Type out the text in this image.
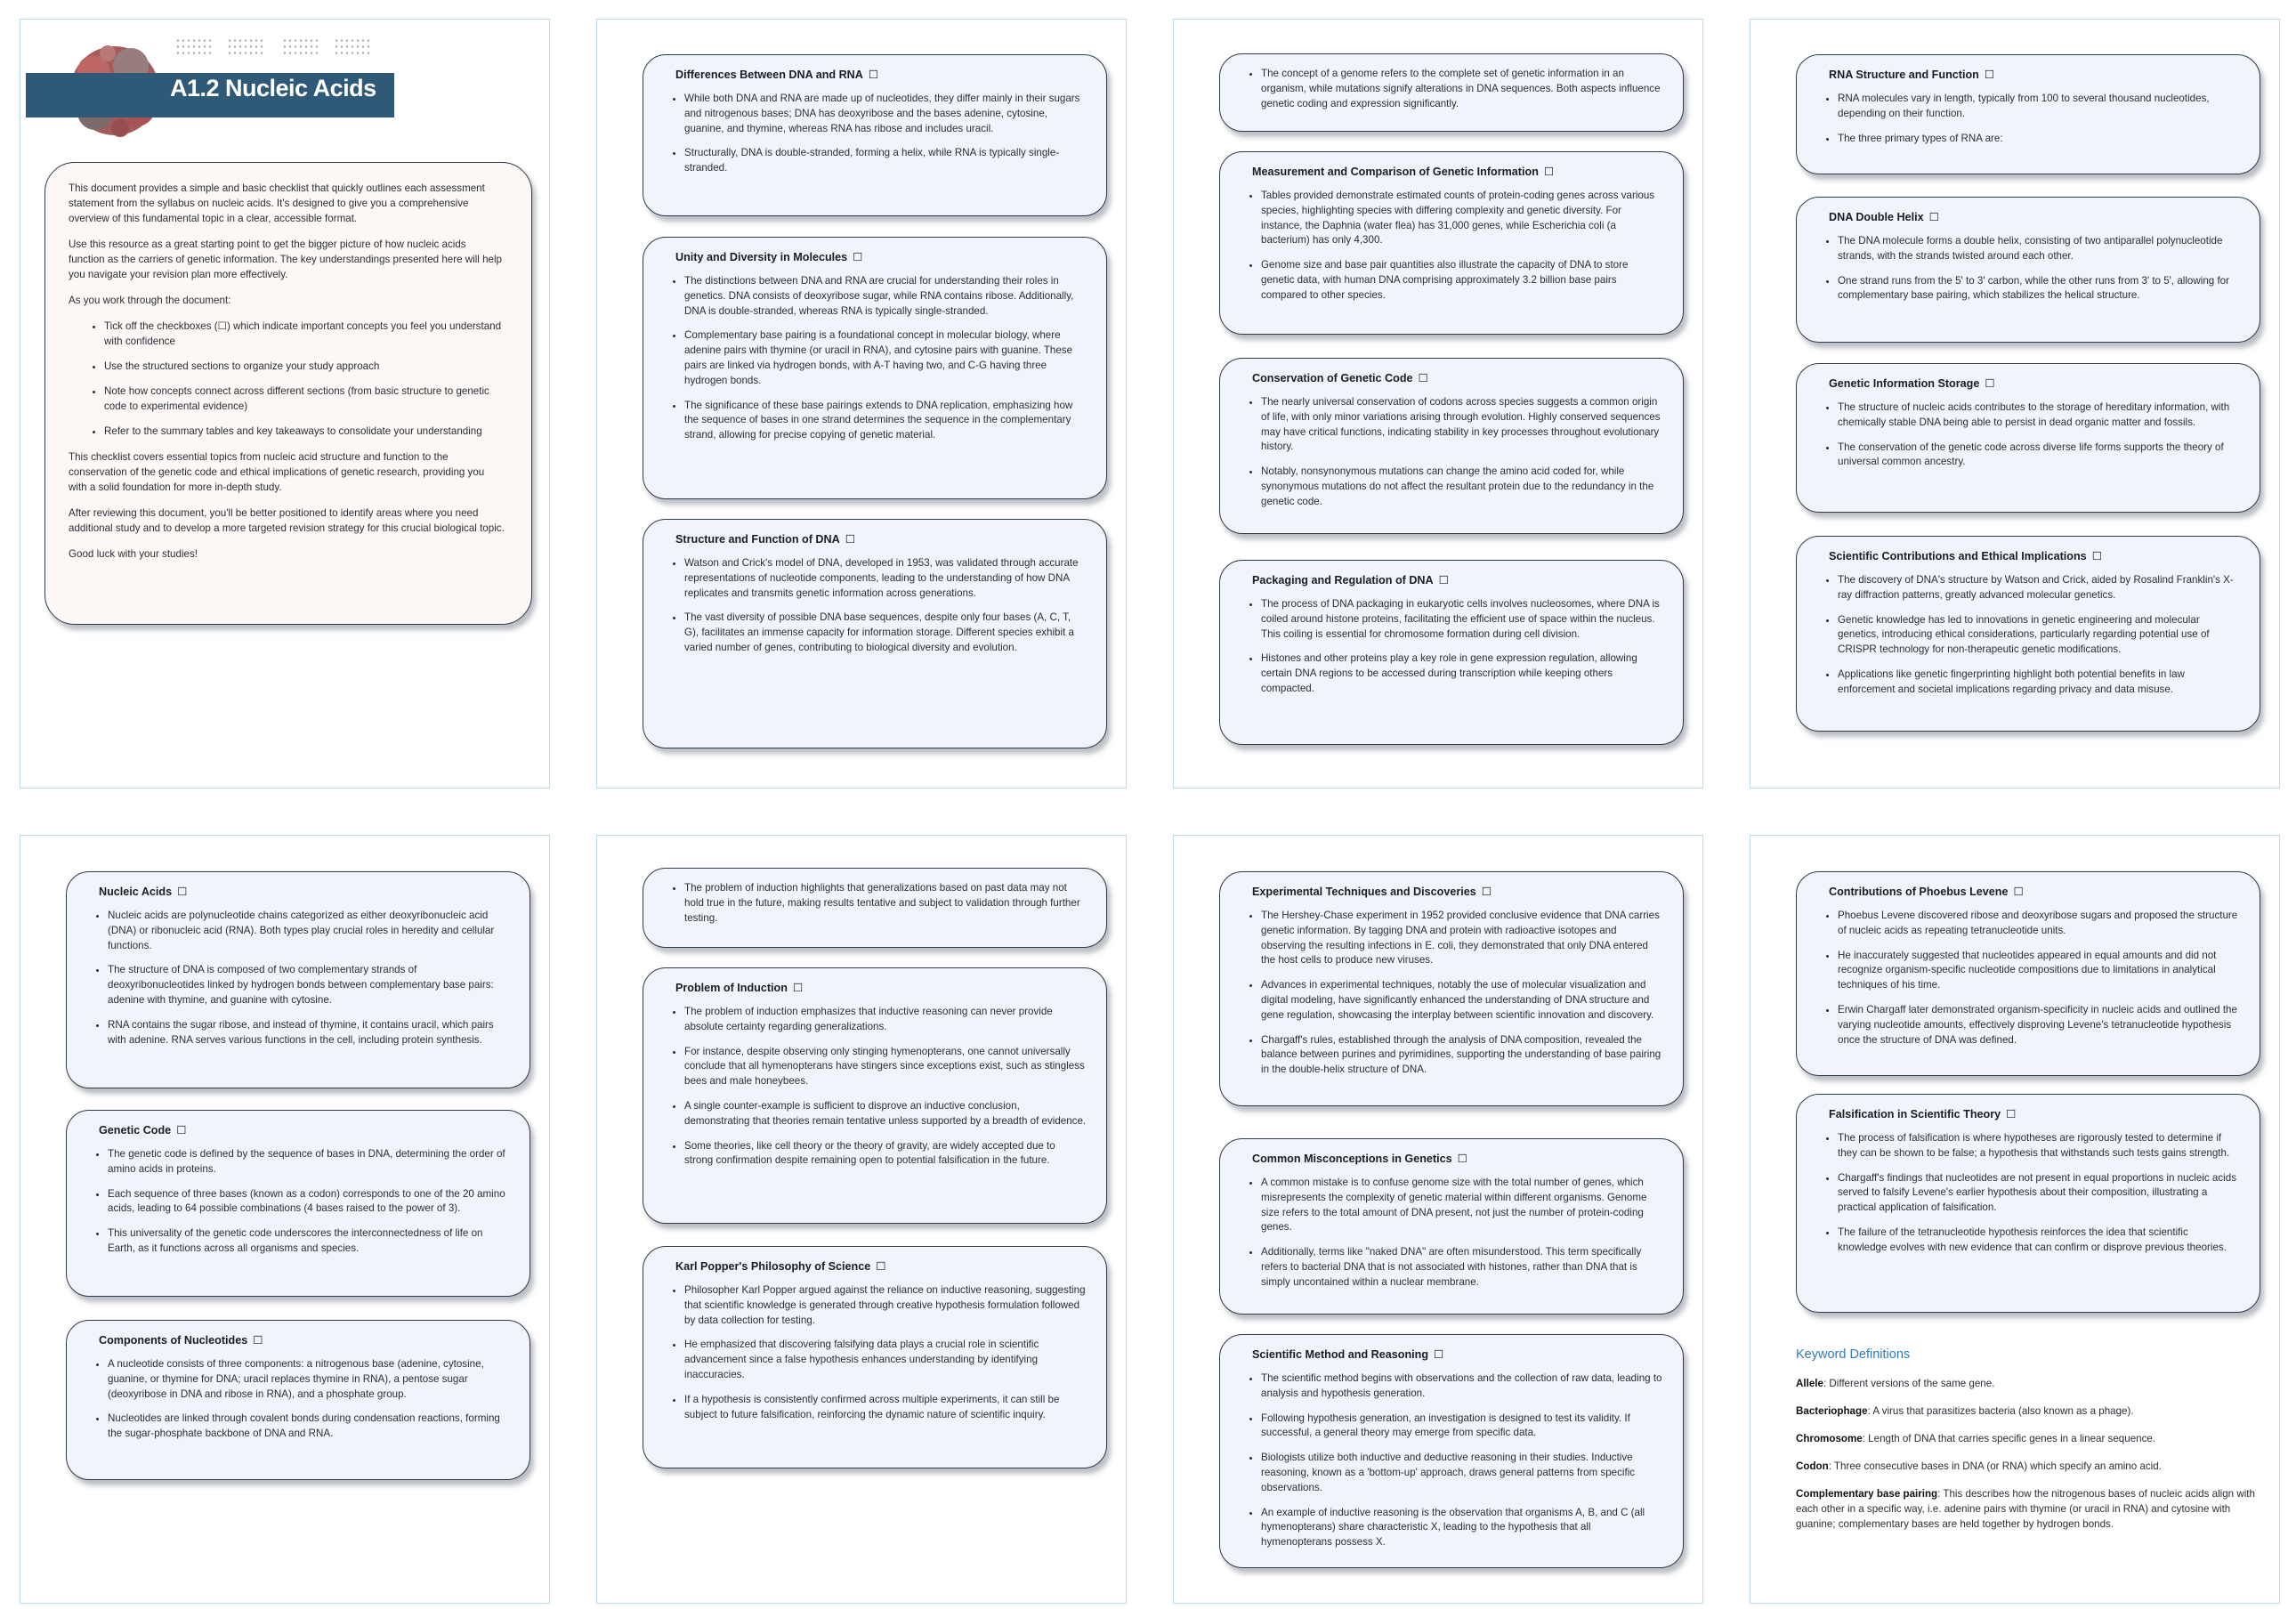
A1.2 Nucleic Acids

This document provides a simple and basic checklist that quickly outlines each assessment statement from the syllabus on nucleic acids. It's designed to give you a comprehensive overview of this fundamental topic in a clear, accessible format.

Use this resource as a great starting point to get the bigger picture of how nucleic acids function as the carriers of genetic information. The key understandings presented here will help you navigate your revision plan more effectively.

As you work through the document:

• Tick off the checkboxes (☐) which indicate important concepts you feel you understand with confidence
• Use the structured sections to organize your study approach
• Note how concepts connect across different sections (from basic structure to genetic code to experimental evidence)
• Refer to the summary tables and key takeaways to consolidate your understanding

This checklist covers essential topics from nucleic acid structure and function to the conservation of the genetic code and ethical implications of genetic research, providing you with a solid foundation for more in-depth study.

After reviewing this document, you'll be better positioned to identify areas where you need additional study and to develop a more targeted revision strategy for this crucial biological topic.

Good luck with your studies!

Differences Between DNA and RNA ☐
• While both DNA and RNA are made up of nucleotides, they differ mainly in their sugars and nitrogenous bases; DNA has deoxyribose and the bases adenine, cytosine, guanine, and thymine, whereas RNA has ribose and includes uracil.
• Structurally, DNA is double-stranded, forming a helix, while RNA is typically single-stranded.
Unity and Diversity in Molecules ☐
• The distinctions between DNA and RNA are crucial for understanding their roles in genetics. DNA consists of deoxyribose sugar, while RNA contains ribose. Additionally, DNA is double-stranded, whereas RNA is typically single-stranded.
• Complementary base pairing is a foundational concept in molecular biology, where adenine pairs with thymine (or uracil in RNA), and cytosine pairs with guanine. These pairs are linked via hydrogen bonds, with A-T having two, and C-G having three hydrogen bonds.
• The significance of these base pairings extends to DNA replication, emphasizing how the sequence of bases in one strand determines the sequence in the complementary strand, allowing for precise copying of genetic material.
Structure and Function of DNA ☐
• Watson and Crick's model of DNA, developed in 1953, was validated through accurate representations of nucleotide components, leading to the understanding of how DNA replicates and transmits genetic information across generations.
• The vast diversity of possible DNA base sequences, despite only four bases (A, C, T, G), facilitates an immense capacity for information storage. Different species exhibit a varied number of genes, contributing to biological diversity and evolution.
• The concept of a genome refers to the complete set of genetic information in an organism, while mutations signify alterations in DNA sequences. Both aspects influence genetic coding and expression significantly.
Measurement and Comparison of Genetic Information ☐
• Tables provided demonstrate estimated counts of protein-coding genes across various species, highlighting species with differing complexity and genetic diversity. For instance, the Daphnia (water flea) has 31,000 genes, while Escherichia coli (a bacterium) has only 4,300.
• Genome size and base pair quantities also illustrate the capacity of DNA to store genetic data, with human DNA comprising approximately 3.2 billion base pairs compared to other species.
Conservation of Genetic Code ☐
• The nearly universal conservation of codons across species suggests a common origin of life, with only minor variations arising through evolution. Highly conserved sequences may have critical functions, indicating stability in key processes throughout evolutionary history.
• Notably, nonsynonymous mutations can change the amino acid coded for, while synonymous mutations do not affect the resultant protein due to the redundancy in the genetic code.
Packaging and Regulation of DNA ☐
• The process of DNA packaging in eukaryotic cells involves nucleosomes, where DNA is coiled around histone proteins, facilitating the efficient use of space within the nucleus. This coiling is essential for chromosome formation during cell division.
• Histones and other proteins play a key role in gene expression regulation, allowing certain DNA regions to be accessed during transcription while keeping others compacted.
RNA Structure and Function ☐
• RNA molecules vary in length, typically from 100 to several thousand nucleotides, depending on their function.
• The three primary types of RNA are:
DNA Double Helix ☐
• The DNA molecule forms a double helix, consisting of two antiparallel polynucleotide strands, with the strands twisted around each other.
• One strand runs from the 5' to 3' carbon, while the other runs from 3' to 5', allowing for complementary base pairing, which stabilizes the helical structure.
Genetic Information Storage ☐
• The structure of nucleic acids contributes to the storage of hereditary information, with chemically stable DNA being able to persist in dead organic matter and fossils.
• The conservation of the genetic code across diverse life forms supports the theory of universal common ancestry.
Scientific Contributions and Ethical Implications ☐
• The discovery of DNA's structure by Watson and Crick, aided by Rosalind Franklin's X-ray diffraction patterns, greatly advanced molecular genetics.
• Genetic knowledge has led to innovations in genetic engineering and molecular genetics, introducing ethical considerations, particularly regarding potential use of CRISPR technology for non-therapeutic genetic modifications.
• Applications like genetic fingerprinting highlight both potential benefits in law enforcement and societal implications regarding privacy and data misuse.
Nucleic Acids ☐
• Nucleic acids are polynucleotide chains categorized as either deoxyribonucleic acid (DNA) or ribonucleic acid (RNA). Both types play crucial roles in heredity and cellular functions.
• The structure of DNA is composed of two complementary strands of deoxyribonucleotides linked by hydrogen bonds between complementary base pairs: adenine with thymine, and guanine with cytosine.
• RNA contains the sugar ribose, and instead of thymine, it contains uracil, which pairs with adenine. RNA serves various functions in the cell, including protein synthesis.
Genetic Code ☐
• The genetic code is defined by the sequence of bases in DNA, determining the order of amino acids in proteins.
• Each sequence of three bases (known as a codon) corresponds to one of the 20 amino acids, leading to 64 possible combinations (4 bases raised to the power of 3).
• This universality of the genetic code underscores the interconnectedness of life on Earth, as it functions across all organisms and species.
Components of Nucleotides ☐
• A nucleotide consists of three components: a nitrogenous base (adenine, cytosine, guanine, or thymine for DNA; uracil replaces thymine in RNA), a pentose sugar (deoxyribose in DNA and ribose in RNA), and a phosphate group.
• Nucleotides are linked through covalent bonds during condensation reactions, forming the sugar-phosphate backbone of DNA and RNA.
• The problem of induction highlights that generalizations based on past data may not hold true in the future, making results tentative and subject to validation through further testing.
Problem of Induction ☐
• The problem of induction emphasizes that inductive reasoning can never provide absolute certainty regarding generalizations.
• For instance, despite observing only stinging hymenopterans, one cannot universally conclude that all hymenopterans have stingers since exceptions exist, such as stingless bees and male honeybees.
• A single counter-example is sufficient to disprove an inductive conclusion, demonstrating that theories remain tentative unless supported by a breadth of evidence.
• Some theories, like cell theory or the theory of gravity, are widely accepted due to strong confirmation despite remaining open to potential falsification in the future.
Karl Popper's Philosophy of Science ☐
• Philosopher Karl Popper argued against the reliance on inductive reasoning, suggesting that scientific knowledge is generated through creative hypothesis formulation followed by data collection for testing.
• He emphasized that discovering falsifying data plays a crucial role in scientific advancement since a false hypothesis enhances understanding by identifying inaccuracies.
• If a hypothesis is consistently confirmed across multiple experiments, it can still be subject to future falsification, reinforcing the dynamic nature of scientific inquiry.
Experimental Techniques and Discoveries ☐
• The Hershey-Chase experiment in 1952 provided conclusive evidence that DNA carries genetic information. By tagging DNA and protein with radioactive isotopes and observing the resulting infections in E. coli, they demonstrated that only DNA entered the host cells to produce new viruses.
• Advances in experimental techniques, notably the use of molecular visualization and digital modeling, have significantly enhanced the understanding of DNA structure and gene regulation, showcasing the interplay between scientific innovation and discovery.
• Chargaff's rules, established through the analysis of DNA composition, revealed the balance between purines and pyrimidines, supporting the understanding of base pairing in the double-helix structure of DNA.
Common Misconceptions in Genetics ☐
• A common mistake is to confuse genome size with the total number of genes, which misrepresents the complexity of genetic material within different organisms. Genome size refers to the total amount of DNA present, not just the number of protein-coding genes.
• Additionally, terms like "naked DNA" are often misunderstood. This term specifically refers to bacterial DNA that is not associated with histones, rather than DNA that is simply uncontained within a nuclear membrane.
Scientific Method and Reasoning ☐
• The scientific method begins with observations and the collection of raw data, leading to analysis and hypothesis generation.
• Following hypothesis generation, an investigation is designed to test its validity. If successful, a general theory may emerge from specific data.
• Biologists utilize both inductive and deductive reasoning in their studies. Inductive reasoning, known as a 'bottom-up' approach, draws general patterns from specific observations.
• An example of inductive reasoning is the observation that organisms A, B, and C (all hymenopterans) share characteristic X, leading to the hypothesis that all hymenopterans possess X.
Contributions of Phoebus Levene ☐
• Phoebus Levene discovered ribose and deoxyribose sugars and proposed the structure of nucleic acids as repeating tetranucleotide units.
• He inaccurately suggested that nucleotides appeared in equal amounts and did not recognize organism-specific nucleotide compositions due to limitations in analytical techniques of his time.
• Erwin Chargaff later demonstrated organism-specificity in nucleic acids and outlined the varying nucleotide amounts, effectively disproving Levene's tetranucleotide hypothesis once the structure of DNA was defined.
Falsification in Scientific Theory ☐
• The process of falsification is where hypotheses are rigorously tested to determine if they can be shown to be false; a hypothesis that withstands such tests gains strength.
• Chargaff's findings that nucleotides are not present in equal proportions in nucleic acids served to falsify Levene's earlier hypothesis about their composition, illustrating a practical application of falsification.
• The failure of the tetranucleotide hypothesis reinforces the idea that scientific knowledge evolves with new evidence that can confirm or disprove previous theories.
Keyword Definitions

Allele: Different versions of the same gene.

Bacteriophage: A virus that parasitizes bacteria (also known as a phage).

Chromosome: Length of DNA that carries specific genes in a linear sequence.

Codon: Three consecutive bases in DNA (or RNA) which specify an amino acid.

Complementary base pairing: This describes how the nitrogenous bases of nucleic acids align with each other in a specific way, i.e. adenine pairs with thymine (or uracil in RNA) and cytosine with guanine; complementary bases are held together by hydrogen bonds.
